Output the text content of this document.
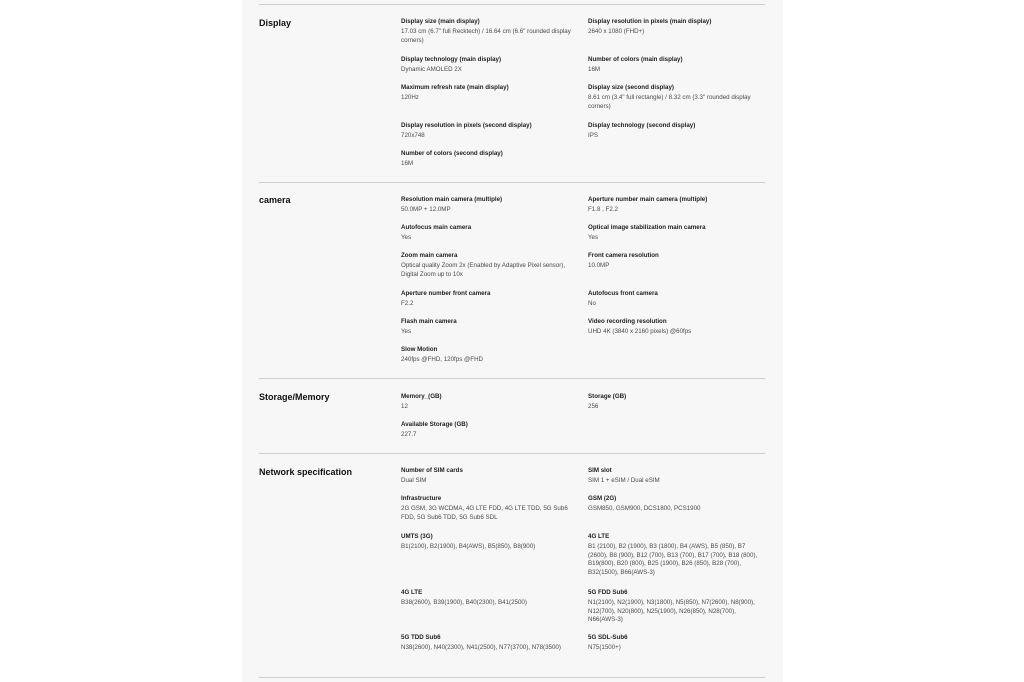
Display
camera
Storage/Memory
Network specification
Display size (main display)
17.03 cm (6.7" full Recktech) / 16.64 cm (6.6" rounded display corners)
Display resolution in pixels (main display)
2640 x 1080 (FHD+)
Display technology (main display)
Dynamic AMOLED 2X
Number of colors (main display)
16M
Maximum refresh rate (main display)
120Hz
Display size (second display)
8.61 cm (3.4" full rectangle) / 8.32 cm (3.3" rounded display corners)
Display resolution in pixels (second display)
720x748
Display technology (second display)
IPS
Number of colors (second display)
16M
Resolution main camera (multiple)
50.0MP + 12.0MP
Aperture number main camera (multiple)
F1.8 , F2.2
Autofocus main camera
Yes
Optical image stabilization main camera
Yes
Zoom main camera
Optical quality Zoom 2x (Enabled by Adaptive Pixel sensor), Digital Zoom up to 10x
Front camera resolution
10.0MP
Aperture number front camera
F2.2
Autofocus front camera
No
Flash main camera
Yes
Video recording resolution
UHD 4K (3840 x 2160 pixels) @60fps
Slow Motion
240fps @FHD, 120fps @FHD
Memory_(GB)
12
Storage (GB)
256
Available Storage (GB)
227.7
Number of SIM cards
Dual SIM
SIM slot
SIM 1 + eSIM / Dual eSIM
Infrastructure
2G GSM, 3G WCDMA, 4G LTE FDD, 4G LTE TDD, 5G Sub6 FDD, 5G Sub6 TDD, 5G Sub6 SDL
GSM (2G)
GSM850, GSM900, DCS1800, PCS1900
UMTS (3G)
B1(2100), B2(1900), B4(AWS), B5(850), B8(900)
4G LTE
B1 (2100), B2 (1900), B3 (1800), B4 (AWS), B5 (850), B7 (2600), B8 (900), B12 (700), B13 (700), B17 (700), B18 (800), B19(800), B20 (800), B25 (1900), B26 (850), B28 (700), B32(1500), B66(AWS-3)
4G LTE
B38(2600), B39(1900), B40(2300), B41(2500)
5G FDD Sub6
N1(2100), N2(1900), N3(1800), N5(850), N7(2600), N8(900), N12(700), N20(800), N25(1900), N26(850), N28(700), N66(AWS-3)
5G TDD Sub6
N38(2600), N40(2300), N41(2500), N77(3700), N78(3500)
5G SDL-Sub6
N75(1500+)
